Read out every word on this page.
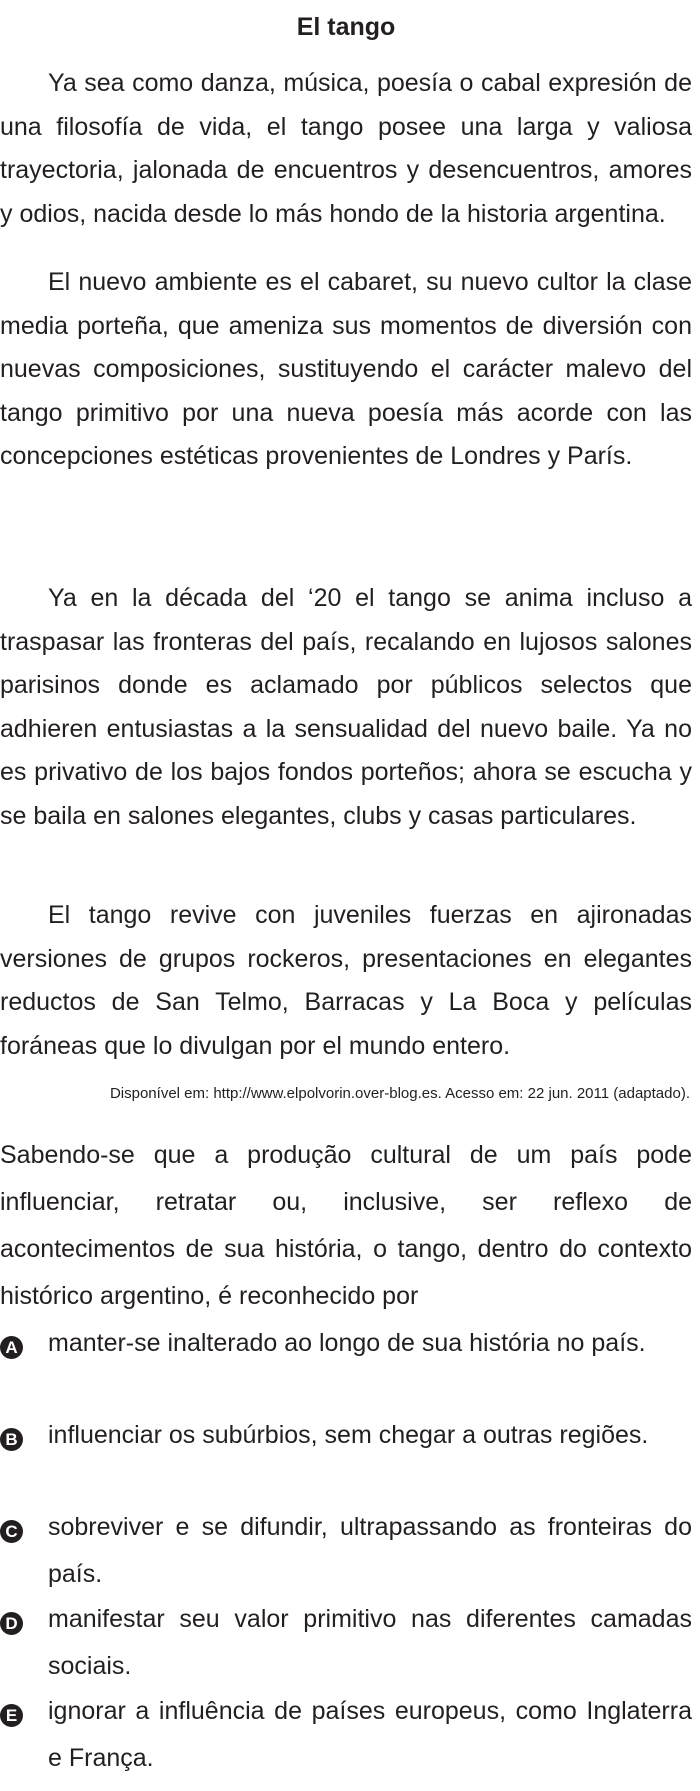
El tango

Ya sea como danza, música, poesía o cabal expresión de una filosofía de vida, el tango posee una larga y valiosa trayectoria, jalonada de encuentros y desencuentros, amores y odios, nacida desde lo más hondo de la historia argentina.

El nuevo ambiente es el cabaret, su nuevo cultor la clase media porteña, que ameniza sus momentos de diversión con nuevas composiciones, sustituyendo el carácter malevo del tango primitivo por una nueva poesía más acorde con las concepciones estéticas provenientes de Londres y París.

Ya en la década del ‘20 el tango se anima incluso a traspasar las fronteras del país, recalando en lujosos salones parisinos donde es aclamado por públicos selectos que adhieren entusiastas a la sensualidad del nuevo baile. Ya no es privativo de los bajos fondos porteños; ahora se escucha y se baila en salones elegantes, clubs y casas particulares.

El tango revive con juveniles fuerzas en ajironadas versiones de grupos rockeros, presentaciones en elegantes reductos de San Telmo, Barracas y La Boca y películas foráneas que lo divulgan por el mundo entero.

Disponível em: http://www.elpolvorin.over-blog.es. Acesso em: 22 jun. 2011 (adaptado).

Sabendo-se que a produção cultural de um país pode influenciar, retratar ou, inclusive, ser reflexo de acontecimentos de sua história, o tango, dentro do contexto histórico argentino, é reconhecido por

A manter-se inalterado ao longo de sua história no país.
B influenciar os subúrbios, sem chegar a outras regiões.
C sobreviver e se difundir, ultrapassando as fronteiras do país.
D manifestar seu valor primitivo nas diferentes camadas sociais.
E ignorar a influência de países europeus, como Inglaterra e França.
